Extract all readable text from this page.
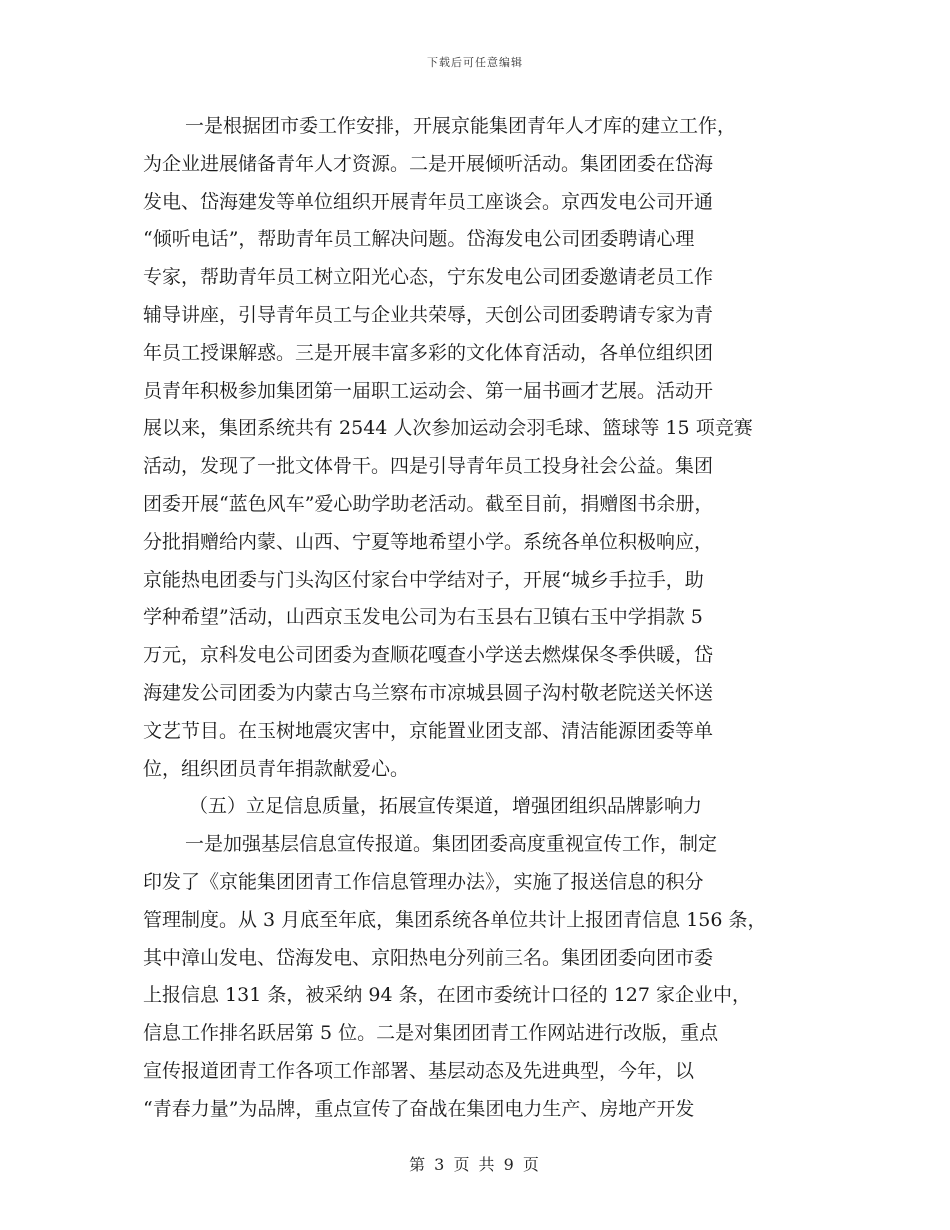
下载后可任意编辑
一是根据团市委工作安排，开展京能集团青年人才库的建立工作，
为企业进展储备青年人才资源。二是开展倾听活动。集团团委在岱海
发电、岱海建发等单位组织开展青年员工座谈会。京西发电公司开通
“倾听电话”，帮助青年员工解决问题。岱海发电公司团委聘请心理
专家，帮助青年员工树立阳光心态，宁东发电公司团委邀请老员工作
辅导讲座，引导青年员工与企业共荣辱，天创公司团委聘请专家为青
年员工授课解惑。三是开展丰富多彩的文化体育活动，各单位组织团
员青年积极参加集团第一届职工运动会、第一届书画才艺展。活动开
展以来，集团系统共有 2544 人次参加运动会羽毛球、篮球等 15 项竞赛
活动，发现了一批文体骨干。四是引导青年员工投身社会公益。集团
团委开展“蓝色风车”爱心助学助老活动。截至目前，捐赠图书余册，
分批捐赠给内蒙、山西、宁夏等地希望小学。系统各单位积极响应，
京能热电团委与门头沟区付家台中学结对子，开展“城乡手拉手，助
学种希望”活动，山西京玉发电公司为右玉县右卫镇右玉中学捐款 5
万元，京科发电公司团委为查顺花嘎查小学送去燃煤保冬季供暖，岱
海建发公司团委为内蒙古乌兰察布市凉城县圆子沟村敬老院送关怀送
文艺节目。在玉树地震灾害中，京能置业团支部、清洁能源团委等单
位，组织团员青年捐款献爱心。
（五）立足信息质量，拓展宣传渠道，增强团组织品牌影响力
一是加强基层信息宣传报道。集团团委高度重视宣传工作，制定
印发了《京能集团团青工作信息管理办法》，实施了报送信息的积分
管理制度。从 3 月底至年底，集团系统各单位共计上报团青信息 156 条，
其中漳山发电、岱海发电、京阳热电分列前三名。集团团委向团市委
上报信息 131 条，被采纳 94 条，在团市委统计口径的 127 家企业中，
信息工作排名跃居第 5 位。二是对集团团青工作网站进行改版，重点
宣传报道团青工作各项工作部署、基层动态及先进典型，今年，以
“青春力量”为品牌，重点宣传了奋战在集团电力生产、房地产开发
第 3 页 共 9 页
